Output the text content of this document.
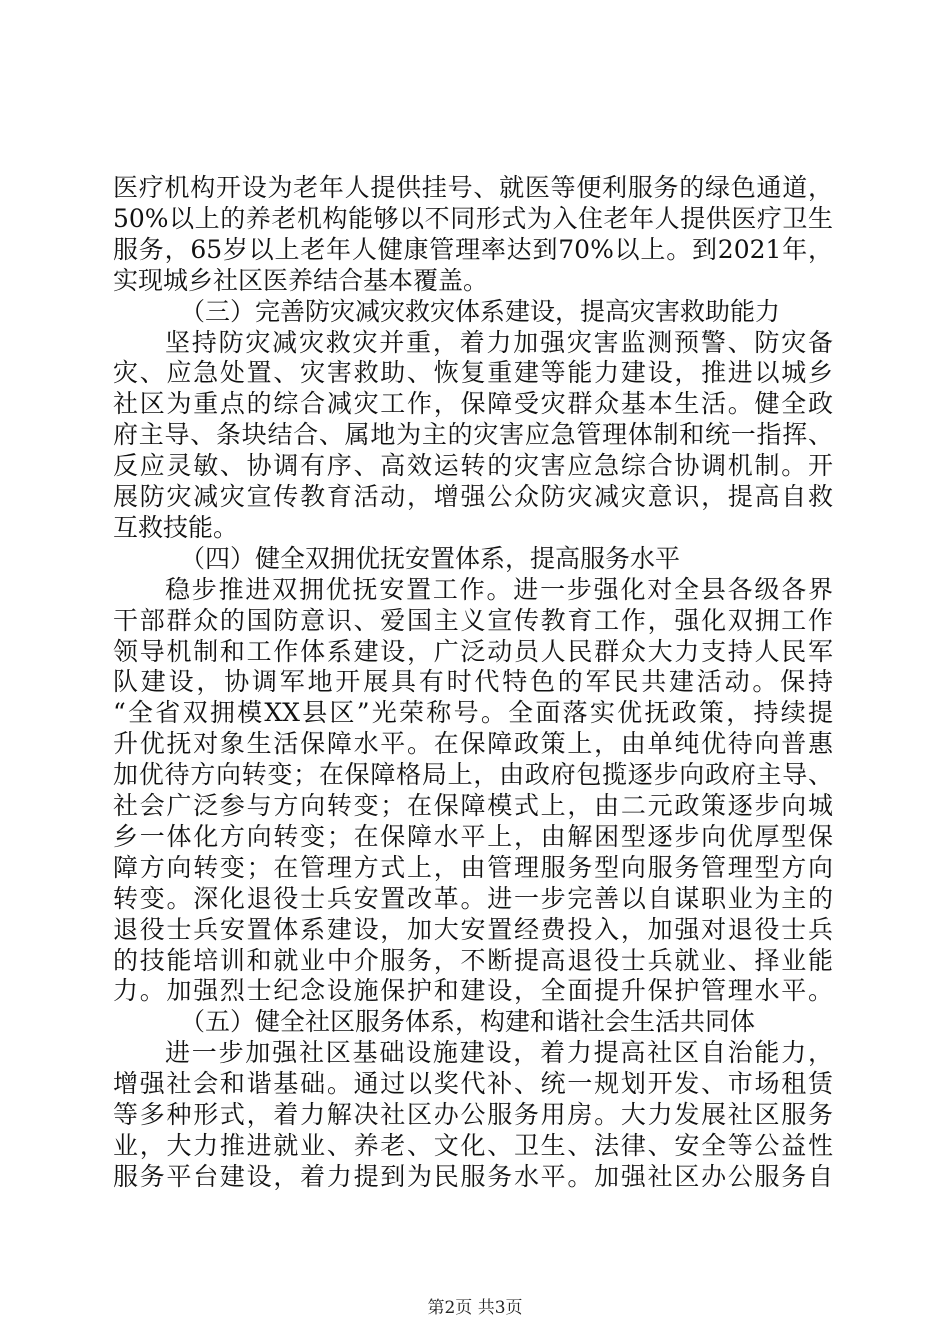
医疗机构开设为老年人提供挂号、就医等便利服务的绿色通道，
50%以上的养老机构能够以不同形式为入住老年人提供医疗卫生
服务，65岁以上老年人健康管理率达到70%以上。到2021年，
实现城乡社区医养结合基本覆盖。
（三）完善防灾减灾救灾体系建设，提高灾害救助能力
坚持防灾减灾救灾并重，着力加强灾害监测预警、防灾备
灾、应急处置、灾害救助、恢复重建等能力建设，推进以城乡
社区为重点的综合减灾工作，保障受灾群众基本生活。健全政
府主导、条块结合、属地为主的灾害应急管理体制和统一指挥、
反应灵敏、协调有序、高效运转的灾害应急综合协调机制。开
展防灾减灾宣传教育活动，增强公众防灾减灾意识，提高自救
互救技能。
（四）健全双拥优抚安置体系，提高服务水平
稳步推进双拥优抚安置工作。进一步强化对全县各级各界
干部群众的国防意识、爱国主义宣传教育工作，强化双拥工作
领导机制和工作体系建设，广泛动员人民群众大力支持人民军
队建设，协调军地开展具有时代特色的军民共建活动。保持
“全省双拥模XX县区”光荣称号。全面落实优抚政策，持续提
升优抚对象生活保障水平。在保障政策上，由单纯优待向普惠
加优待方向转变；在保障格局上，由政府包揽逐步向政府主导、
社会广泛参与方向转变；在保障模式上，由二元政策逐步向城
乡一体化方向转变；在保障水平上，由解困型逐步向优厚型保
障方向转变；在管理方式上，由管理服务型向服务管理型方向
转变。深化退役士兵安置改革。进一步完善以自谋职业为主的
退役士兵安置体系建设，加大安置经费投入，加强对退役士兵
的技能培训和就业中介服务，不断提高退役士兵就业、择业能
力。加强烈士纪念设施保护和建设，全面提升保护管理水平。
（五）健全社区服务体系，构建和谐社会生活共同体
进一步加强社区基础设施建设，着力提高社区自治能力，
增强社会和谐基础。通过以奖代补、统一规划开发、市场租赁
等多种形式，着力解决社区办公服务用房。大力发展社区服务
业，大力推进就业、养老、文化、卫生、法律、安全等公益性
服务平台建设，着力提到为民服务水平。加强社区办公服务自
第2页 共3页
